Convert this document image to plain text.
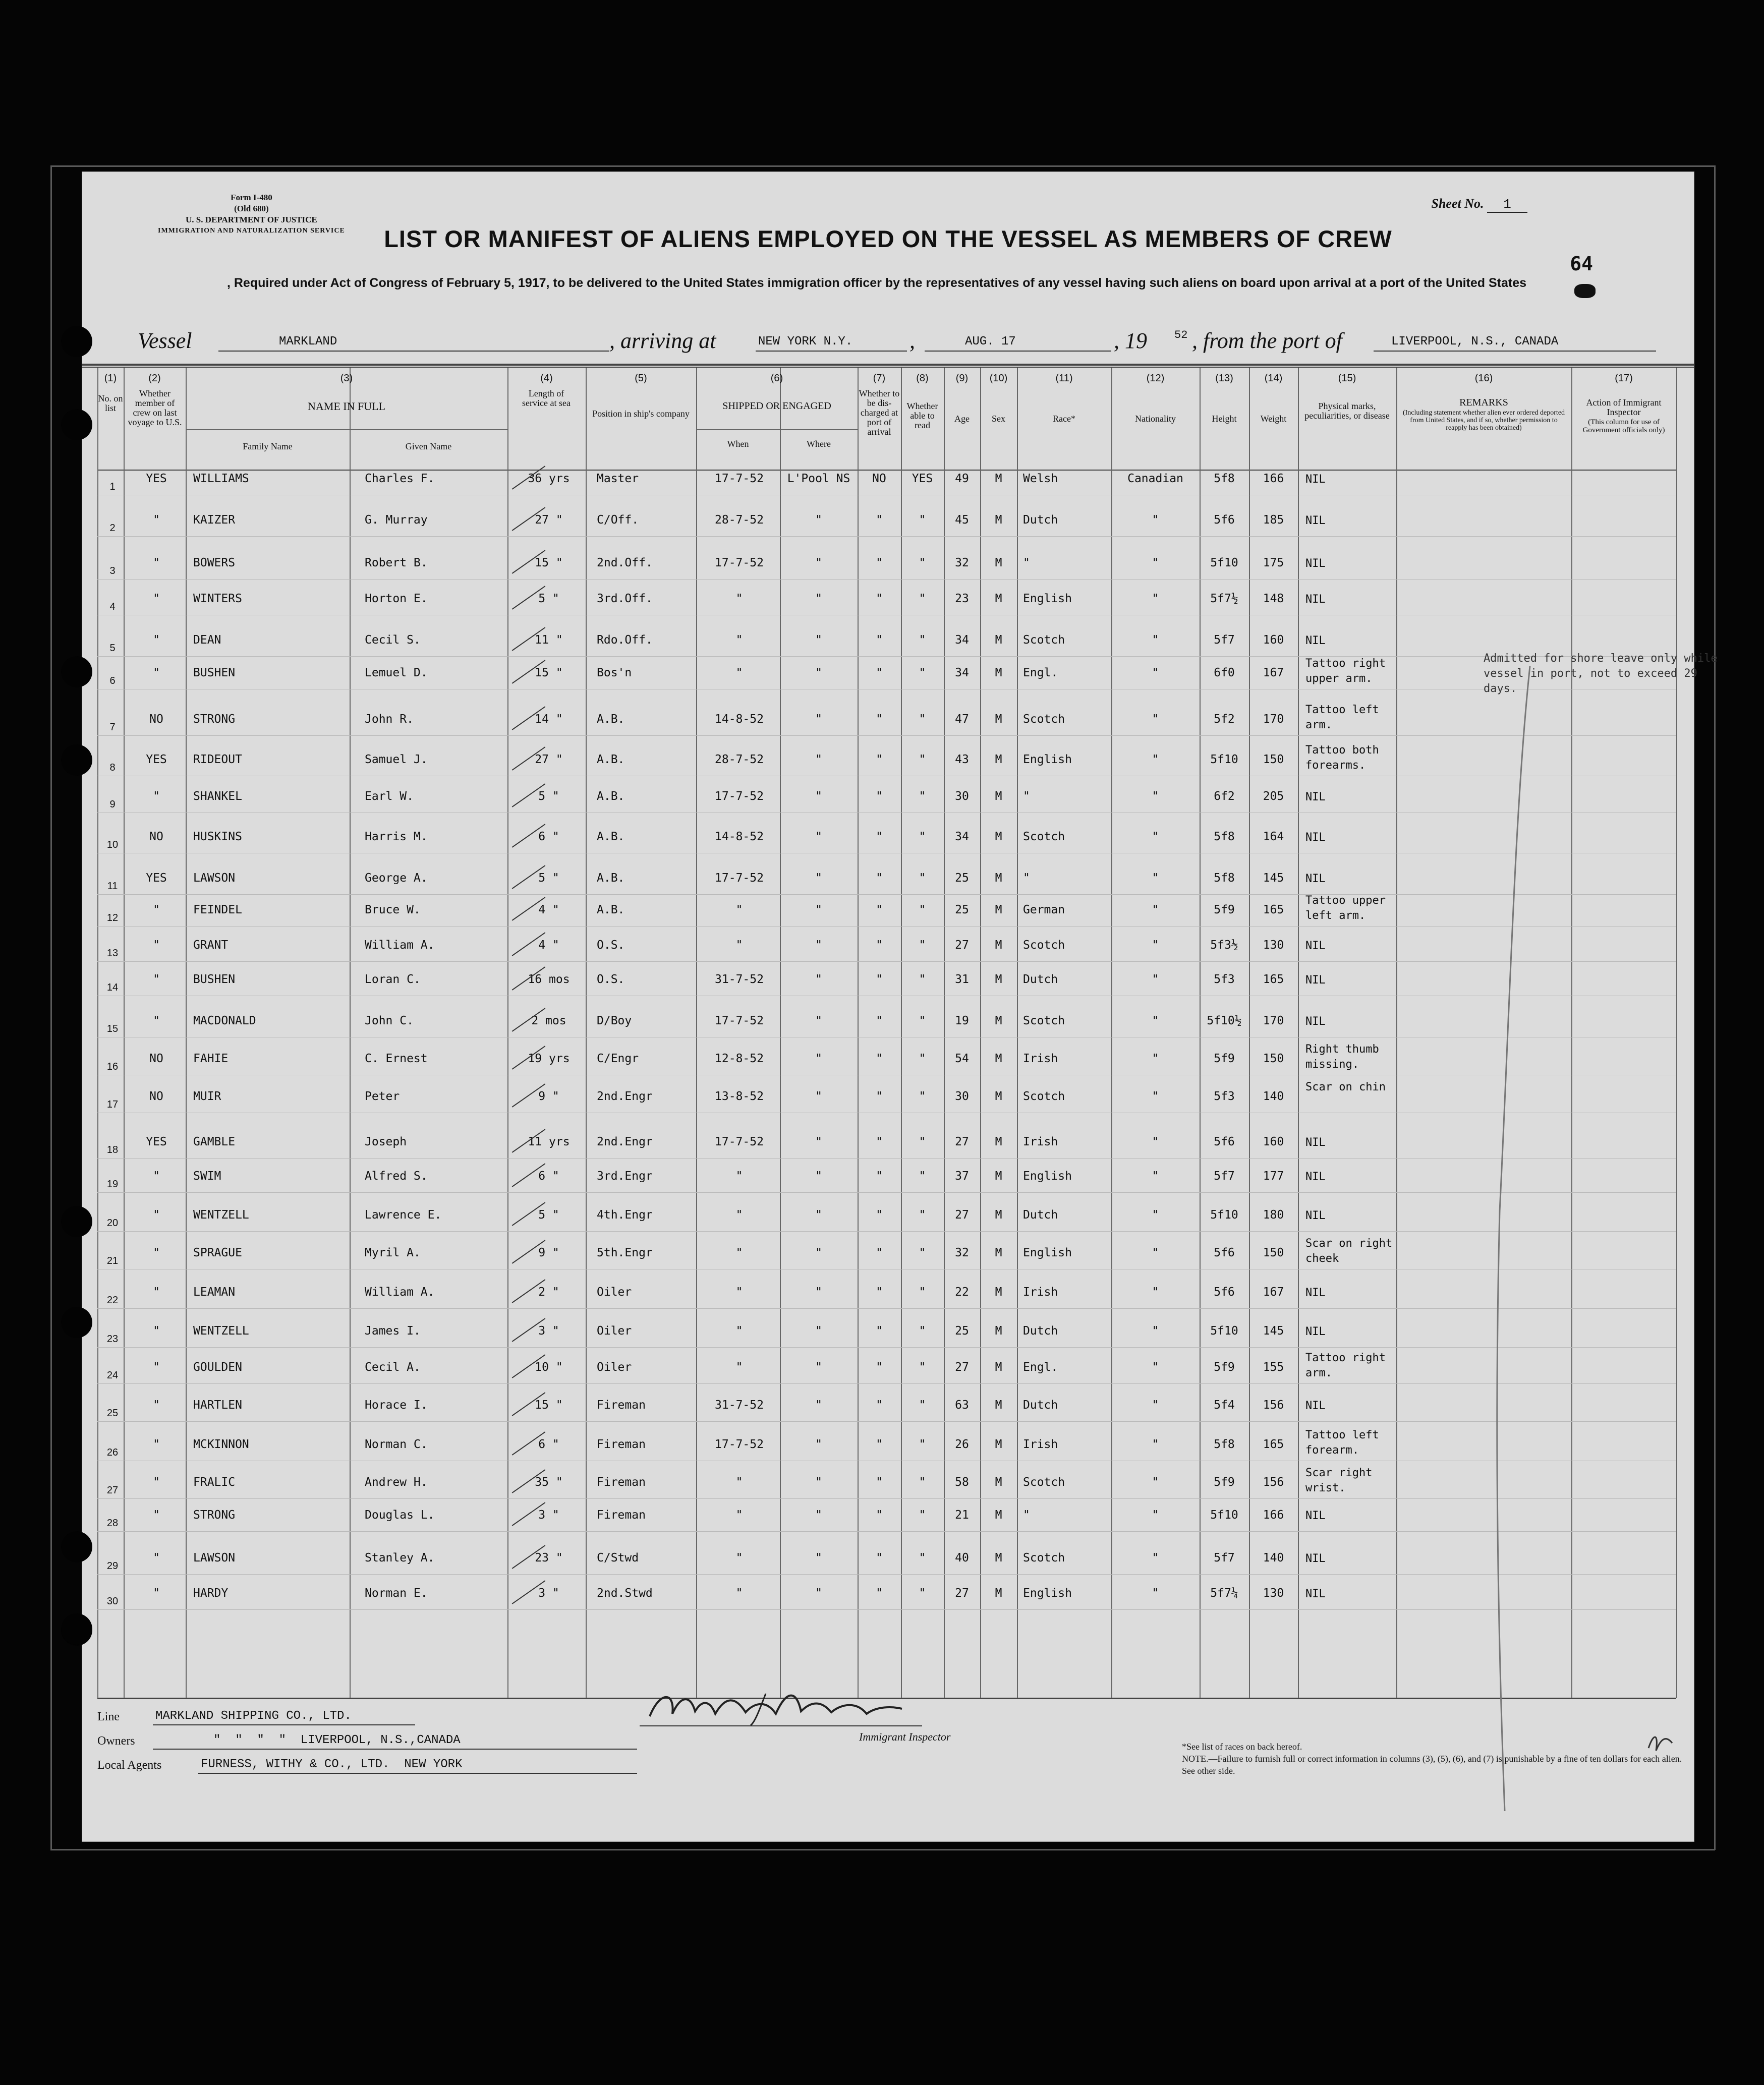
Form I-480
(Old 680)
U. S. DEPARTMENT OF JUSTICE
IMMIGRATION AND NATURALIZATION SERVICE
Sheet No. 1
64
LIST OR MANIFEST OF ALIENS EMPLOYED ON THE VESSEL AS MEMBERS OF CREW
, Required under Act of Congress of February 5, 1917, to be delivered to the United States immigration officer by the representatives of any vessel having such aliens on board upon arrival at a port of the United States
Vessel	MARKLAND	, arriving at	NEW YORK N.Y.	,	AUG. 17	, 19 52 , from the port of	LIVERPOOL, N.S., CANADA
(1)	(2)	(3)	(4)	(5)	(6)	(7)	(8)	(9)	(10)	(11)	(12)	(13)	(14)	(15)	(16)	(17)
No. on list
Whether member of crew on last voyage to U.S.
NAME IN FULL
Family Name	Given Name
Length of service at sea
Position in ship's company
SHIPPED OR ENGAGED
When	Where
Whether to be dis-charged at port of arrival
Whether able to read
Age	Sex	Race*	Nationality	Height	Weight
Physical marks, peculiarities, or disease
REMARKS
(Including statement whether alien ever ordered deported from United States, and if so, whether permission to reapply has been obtained)
Action of Immigrant Inspector
(This column for use of Government officials only)
1
YES	WILLIAMS	Charles F.	36 yrs	Master	17-7-52	L'Pool NS	NO	YES	49	M	Welsh	Canadian	5f8	166	NIL
2
"	KAIZER	G. Murray	27 "	C/Off.	28-7-52	"	"	"	45	M	Dutch	"	5f6	185	NIL
3
"	BOWERS	Robert B.	15 "	2nd.Off.	17-7-52	"	"	"	32	M	"	"	5f10	175	NIL
4
"	WINTERS	Horton E.	5 "	3rd.Off.	"	"	"	"	23	M	English	"	5f7½	148	NIL
5
"	DEAN	Cecil S.	11 "	Rdo.Off.	"	"	"	"	34	M	Scotch	"	5f7	160	NIL
6
"	BUSHEN	Lemuel D.	15 "	Bos'n	"	"	"	"	34	M	Engl.	"	6f0	167
Tattoo right upper arm.
7
NO	STRONG	John R.	14 "	A.B.	14-8-52	"	"	"	47	M	Scotch	"	5f2	170
Tattoo left arm.
8
YES	RIDEOUT	Samuel J.	27 "	A.B.	28-7-52	"	"	"	43	M	English	"	5f10	150
Tattoo both forearms.
9
"	SHANKEL	Earl W.	5 "	A.B.	17-7-52	"	"	"	30	M	"	"	6f2	205	NIL
10
NO	HUSKINS	Harris M.	6 "	A.B.	14-8-52	"	"	"	34	M	Scotch	"	5f8	164	NIL
11
YES	LAWSON	George A.	5 "	A.B.	17-7-52	"	"	"	25	M	"	"	5f8	145	NIL
12
"	FEINDEL	Bruce W.	4 "	A.B.	"	"	"	"	25	M	German	"	5f9	165
Tattoo upper left arm.
13
"	GRANT	William A.	4 "	O.S.	"	"	"	"	27	M	Scotch	"	5f3½	130	NIL
14
"	BUSHEN	Loran C.	16 mos	O.S.	31-7-52	"	"	"	31	M	Dutch	"	5f3	165	NIL
15
"	MACDONALD	John C.	2 mos	D/Boy	17-7-52	"	"	"	19	M	Scotch	"	5f10½	170	NIL
16
NO	FAHIE	C. Ernest	19 yrs	C/Engr	12-8-52	"	"	"	54	M	Irish	"	5f9	150
Right thumb missing.
17
NO	MUIR	Peter	9 "	2nd.Engr	13-8-52	"	"	"	30	M	Scotch	"	5f3	140
Scar on chin
18
YES	GAMBLE	Joseph	11 yrs	2nd.Engr	17-7-52	"	"	"	27	M	Irish	"	5f6	160	NIL
19
"	SWIM	Alfred S.	6 "	3rd.Engr	"	"	"	"	37	M	English	"	5f7	177	NIL
20
"	WENTZELL	Lawrence E.	5 "	4th.Engr	"	"	"	"	27	M	Dutch	"	5f10	180	NIL
21
"	SPRAGUE	Myril A.	9 "	5th.Engr	"	"	"	"	32	M	English	"	5f6	150
Scar on right cheek
22
"	LEAMAN	William A.	2 "	Oiler	"	"	"	"	22	M	Irish	"	5f6	167	NIL
23
"	WENTZELL	James I.	3 "	Oiler	"	"	"	"	25	M	Dutch	"	5f10	145	NIL
24
"	GOULDEN	Cecil A.	10 "	Oiler	"	"	"	"	27	M	Engl.	"	5f9	155
Tattoo right arm.
25
"	HARTLEN	Horace I.	15 "	Fireman	31-7-52	"	"	"	63	M	Dutch	"	5f4	156	NIL
26
"	MCKINNON	Norman C.	6 "	Fireman	17-7-52	"	"	"	26	M	Irish	"	5f8	165
Tattoo left forearm.
27
"	FRALIC	Andrew H.	35 "	Fireman	"	"	"	"	58	M	Scotch	"	5f9	156
Scar right wrist.
28
"	STRONG	Douglas L.	3 "	Fireman	"	"	"	"	21	M	"	"	5f10	166	NIL
29
"	LAWSON	Stanley A.	23 "	C/Stwd	"	"	"	"	40	M	Scotch	"	5f7	140	NIL
30
"	HARDY	Norman E.	3 "	2nd.Stwd	"	"	"	"	27	M	English	"	5f7¼	130	NIL
Admitted for shore leave only while vessel in port, not to exceed 29 days.
Line	MARKLAND SHIPPING CO., LTD.
Owners	"  "  "  "  LIVERPOOL, N.S.,CANADA
Local Agents	FURNESS, WITHY & CO., LTD.  NEW YORK
Immigrant Inspector
*See list of races on back hereof.
NOTE.—Failure to furnish full or correct information in columns (3), (5), (6), and (7) is punishable by a fine of ten dollars for each alien. See other side.
